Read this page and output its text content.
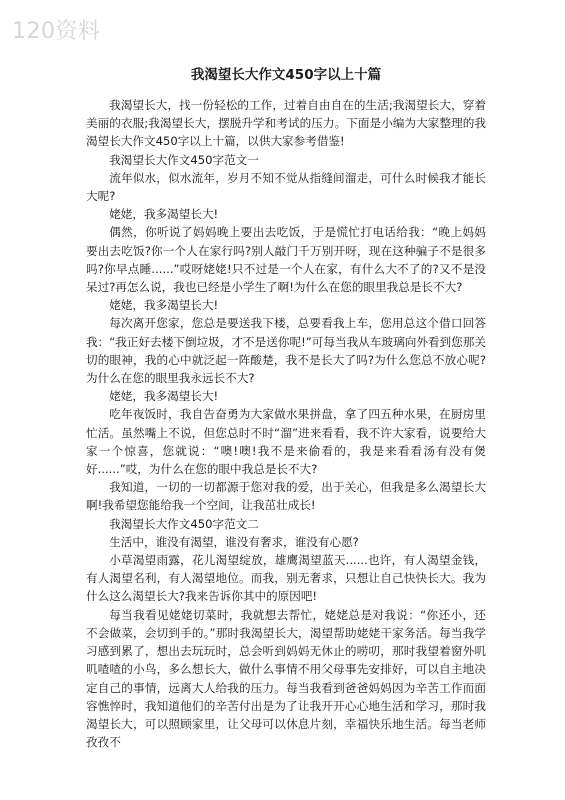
120资料
我渴望长大作文450字以上十篇

我渴望长大，找一份轻松的工作，过着自由自在的生活;我渴望长大，穿着美丽的衣服;我渴望长大，摆脱升学和考试的压力。下面是小编为大家整理的我渴望长大作文450字以上十篇，以供大家参考借鉴!

我渴望长大作文450字范文一

流年似水，似水流年，岁月不知不觉从指缝间溜走，可什么时候我才能长大呢?

姥姥，我多渴望长大!

偶然，你听说了妈妈晚上要出去吃饭，于是慌忙打电话给我：“晚上妈妈要出去吃饭?你一个人在家行吗?别人敲门千万别开呀，现在这种骗子不是很多吗?你早点睡......”哎呀姥姥!只不过是一个人在家，有什么大不了的?又不是没呆过?再怎么说，我也已经是小学生了啊!为什么在您的眼里我总是长不大?

姥姥，我多渴望长大!

每次离开您家，您总是要送我下楼，总要看我上车，您用总这个借口回答我：“我正好去楼下倒垃圾，才不是送你呢!”可每当我从车玻璃向外看到您那关切的眼神，我的心中就泛起一阵酸楚，我不是长大了吗?为什么您总不放心呢?为什么在您的眼里我永远长不大?

姥姥，我多渴望长大!

吃年夜饭时，我自告奋勇为大家做水果拼盘，拿了四五种水果，在厨房里忙活。虽然嘴上不说，但您总时不时“溜”进来看看，我不许大家看，说要给大家一个惊喜，您就说：“噢!噢!我不是来偷看的，我是来看看汤有没有煲好......”哎，为什么在您的眼中我总是长不大?

我知道，一切的一切都源于您对我的爱，出于关心，但我是多么渴望长大啊!我希望您能给我一个空间，让我茁壮成长!

我渴望长大作文450字范文二

生活中，谁没有渴望，谁没有奢求，谁没有心愿?

小草渴望雨露，花儿渴望绽放，雄鹰渴望蓝天......也许，有人渴望金钱，有人渴望名利，有人渴望地位。而我，别无奢求，只想让自己快快长大。我为什么这么渴望长大?我来告诉你其中的原因吧!

每当我看见姥姥切菜时，我就想去帮忙，姥姥总是对我说：“你还小，还不会做菜，会切到手的。”那时我渴望长大，渴望帮助姥姥干家务活。每当我学习感到累了，想出去玩玩时，总会听到妈妈无休止的唠叨，那时我望着窗外叽叽喳喳的小鸟，多么想长大，做什么事情不用父母事先安排好，可以自主地决定自己的事情，远离大人给我的压力。每当我看到爸爸妈妈因为辛苦工作而面容憔悴时，我知道他们的辛苦付出是为了让我开开心心地生活和学习，那时我渴望长大，可以照顾家里，让父母可以休息片刻，幸福快乐地生活。每当老师孜孜不
